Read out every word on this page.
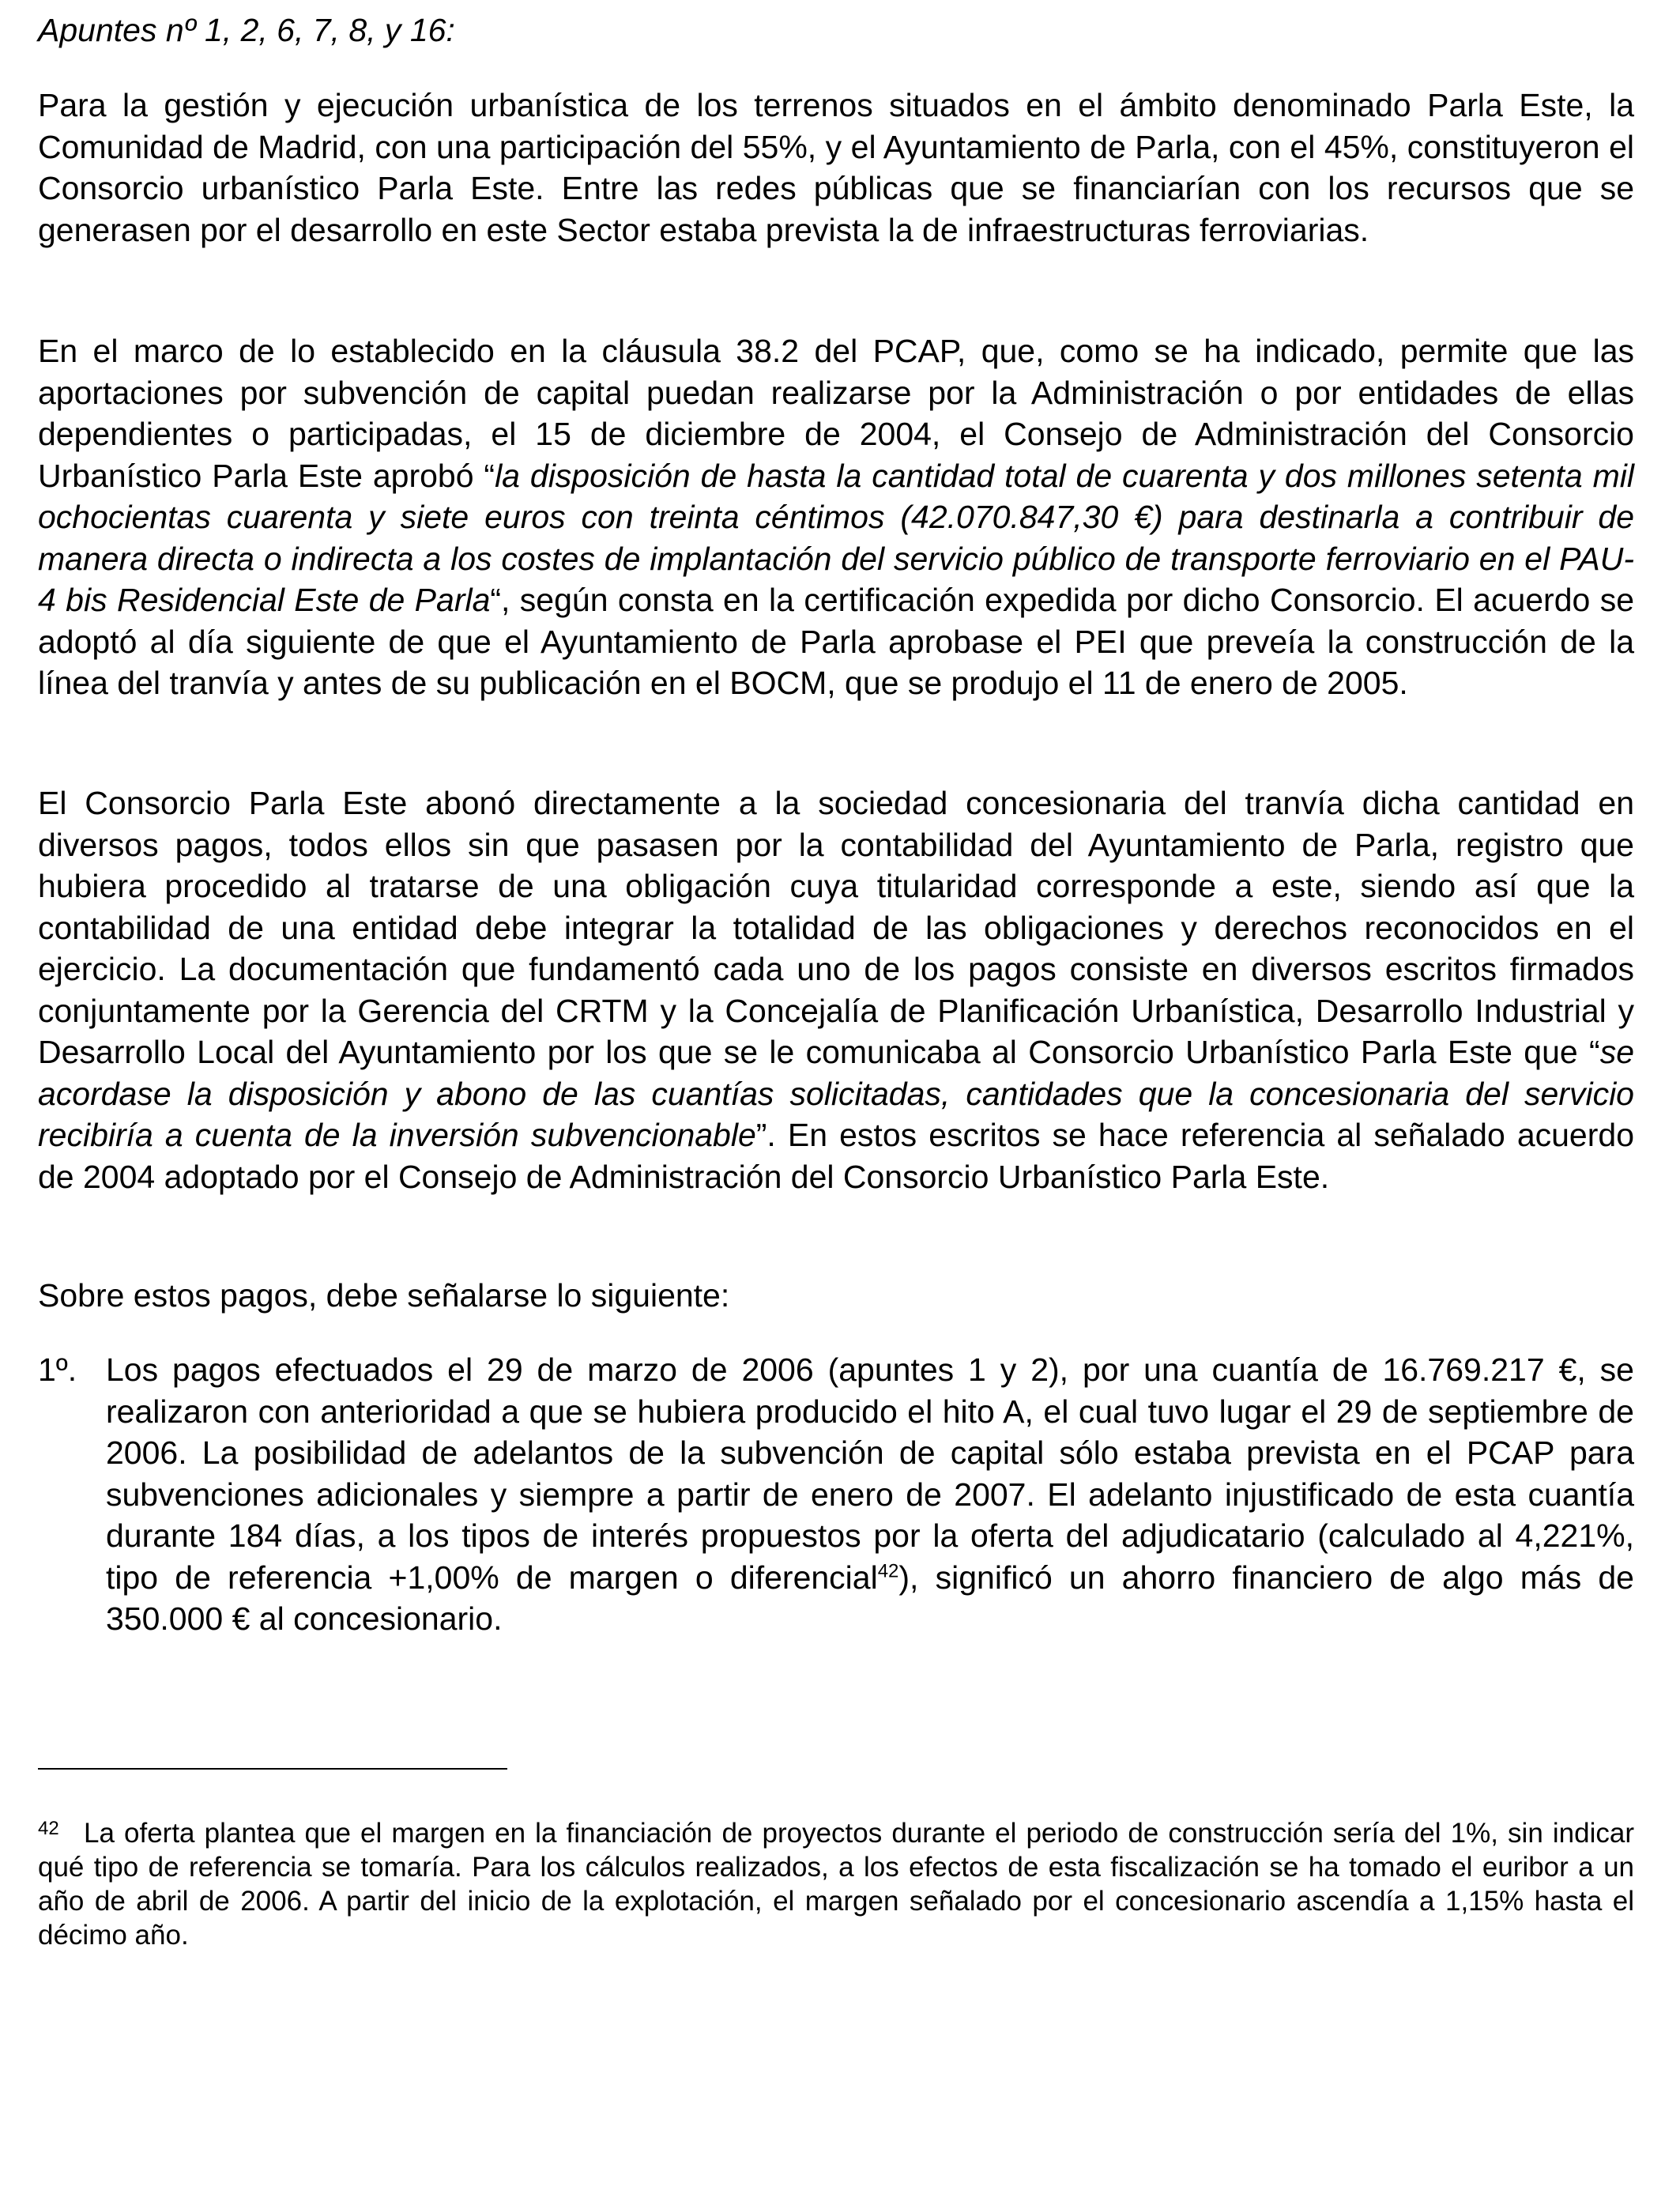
Apuntes nº 1, 2, 6, 7, 8, y 16:

Para la gestión y ejecución urbanística de los terrenos situados en el ámbito denominado Parla Este, la Comunidad de Madrid, con una participación del 55%, y el Ayuntamiento de Parla, con el 45%, constituyeron el Consorcio urbanístico Parla Este. Entre las redes públicas que se financiarían con los recursos que se generasen por el desarrollo en este Sector estaba prevista la de infraestructuras ferroviarias.

En el marco de lo establecido en la cláusula 38.2 del PCAP, que, como se ha indicado, permite que las aportaciones por subvención de capital puedan realizarse por la Administración o por entidades de ellas dependientes o participadas, el 15 de diciembre de 2004, el Consejo de Administración del Consorcio Urbanístico Parla Este aprobó “la disposición de hasta la cantidad total de cuarenta y dos millones setenta mil ochocientas cuarenta y siete euros con treinta céntimos (42.070.847,30 €) para destinarla a contribuir de manera directa o indirecta a los costes de implantación del servicio público de transporte ferroviario en el PAU-4 bis Residencial Este de Parla“, según consta en la certificación expedida por dicho Consorcio. El acuerdo se adoptó al día siguiente de que el Ayuntamiento de Parla aprobase el PEI que preveía la construcción de la línea del tranvía y antes de su publicación en el BOCM, que se produjo el 11 de enero de 2005.

El Consorcio Parla Este abonó directamente a la sociedad concesionaria del tranvía dicha cantidad en diversos pagos, todos ellos sin que pasasen por la contabilidad del Ayuntamiento de Parla, registro que hubiera procedido al tratarse de una obligación cuya titularidad corresponde a este, siendo así que la contabilidad de una entidad debe integrar la totalidad de las obligaciones y derechos reconocidos en el ejercicio. La documentación que fundamentó cada uno de los pagos consiste en diversos escritos firmados conjuntamente por la Gerencia del CRTM y la Concejalía de Planificación Urbanística, Desarrollo Industrial y Desarrollo Local del Ayuntamiento por los que se le comunicaba al Consorcio Urbanístico Parla Este que “se acordase la disposición y abono de las cuantías solicitadas, cantidades que la concesionaria del servicio recibiría a cuenta de la inversión subvencionable”. En estos escritos se hace referencia al señalado acuerdo de 2004 adoptado por el Consejo de Administración del Consorcio Urbanístico Parla Este.

Sobre estos pagos, debe señalarse lo siguiente:

1º. Los pagos efectuados el 29 de marzo de 2006 (apuntes 1 y 2), por una cuantía de 16.769.217 €, se realizaron con anterioridad a que se hubiera producido el hito A, el cual tuvo lugar el 29 de septiembre de 2006. La posibilidad de adelantos de la subvención de capital sólo estaba prevista en el PCAP para subvenciones adicionales y siempre a partir de enero de 2007. El adelanto injustificado de esta cuantía durante 184 días, a los tipos de interés propuestos por la oferta del adjudicatario (calculado al 4,221%, tipo de referencia +1,00% de margen o diferencial$^{42}$), significó un ahorro financiero de algo más de 350.000 € al concesionario.

42 La oferta plantea que el margen en la financiación de proyectos durante el periodo de construcción sería del 1%, sin indicar qué tipo de referencia se tomaría. Para los cálculos realizados, a los efectos de esta fiscalización se ha tomado el euribor a un año de abril de 2006. A partir del inicio de la explotación, el margen señalado por el concesionario ascendía a 1,15% hasta el décimo año.
